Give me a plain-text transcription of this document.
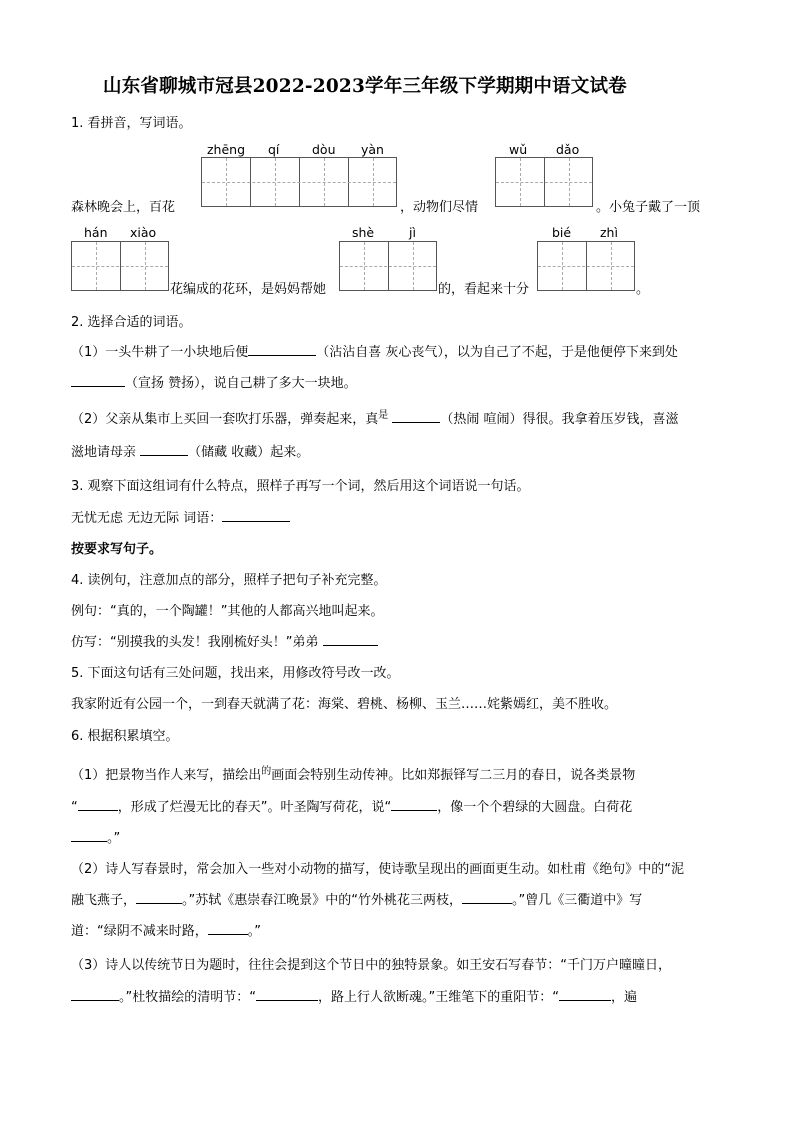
山东省聊城市冠县2022-2023学年三年级下学期期中语文试卷
1. 看拼音，写词语。
zhēng qí	dòu yàn	wǔ dǎo
森林晚会上，百花	，动物们尽情	。小兔子戴了一顶
hán xiào	shè	jì	bié zhì
花编成的花环，是妈妈帮她	的，看起来十分	。
2. 选择合适的词语。
（1）一头牛耕了一小块地后便	（沾沾自喜 灰心丧气），以为自己了不起，于是他便停下来到处
（宣扬 赞扬），说自己耕了多大一块地。
（2）父亲从集市上买回一套吹打乐器，弹奏起来，真$^是$	（热闹 喧闹）得很。我拿着压岁钱，喜滋
滋地请母亲	（储藏 收藏）起来。
3. 观察下面这组词有什么特点，照样子再写一个词，然后用这个词语说一句话。
无忧无虑 无边无际 词语：
按要求写句子。
4. 读例句，注意加点的部分，照样子把句子补充完整。
例句：“真的，一个陶罐！”其他的人都高兴地叫起来。
仿写：“别摸我的头发！我刚梳好头！”弟弟
5. 下面这句话有三处问题，找出来，用修改符号改一改。
我家附近有公园一个，一到春天就满了花：海棠、碧桃、杨柳、玉兰……姹紫嫣红，美不胜收。
6. 根据积累填空。
（1）把景物当作人来写，描绘出$^的$画面会特别生动传神。比如郑振铎写二三月的春日，说各类景物
“	，形成了烂漫无比的春天”。叶圣陶写荷花，说“	，像一个个碧绿的大圆盘。白荷花
。”
（2）诗人写春景时，常会加入一些对小动物的描写，使诗歌呈现出的画面更生动。如杜甫《绝句》中的“泥
融飞燕子，	。”苏轼《惠崇春江晚景》中的“竹外桃花三两枝，	。”曾几《三衢道中》写
道：“绿阴不减来时路，	。”
（3）诗人以传统节日为题时，往往会提到这个节日中的独特景象。如王安石写春节：“千门万户曈曈日，
。”杜牧描绘的清明节：“	，路上行人欲断魂。”王维笔下的重阳节：“	，遍
